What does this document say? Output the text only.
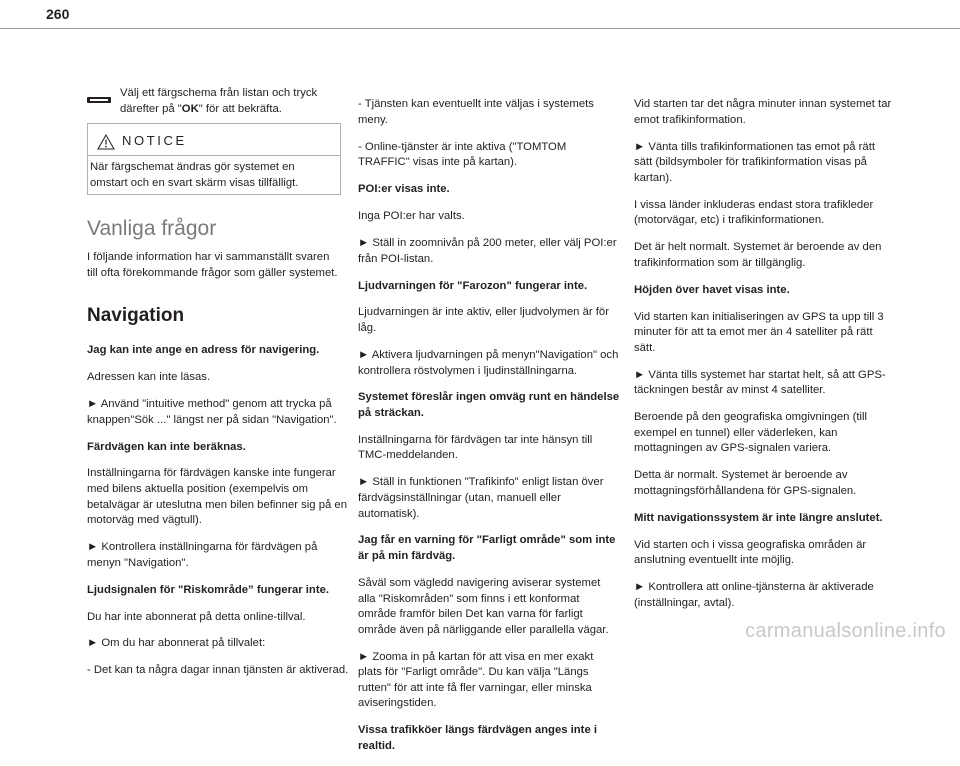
260

Välj ett färgschema från listan och tryck därefter på "OK" för att bekräfta.

NOTICE

När färgschemat ändras gör systemet en omstart och en svart skärm visas tillfälligt.

Vanliga frågor

I följande information har vi sammanställt svaren till ofta förekommande frågor som gäller systemet.

Navigation

Jag kan inte ange en adress för navigering.

Adressen kan inte läsas.

► Använd "intuitive method" genom att trycka på knappen"Sök ..." längst ner på sidan "Navigation".

Färdvägen kan inte beräknas.

Inställningarna för färdvägen kanske inte fungerar med bilens aktuella position (exempelvis om betalvägar är uteslutna men bilen befinner sig på en motorväg med vägtull).

► Kontrollera inställningarna för färdvägen på menyn "Navigation".

Ljudsignalen för "Riskområde” fungerar inte.

Du har inte abonnerat på detta online-tillval.

► Om du har abonnerat på tillvalet:

- Det kan ta några dagar innan tjänsten är aktiverad.

- Tjänsten kan eventuellt inte väljas i systemets meny.

- Online-tjänster är inte aktiva ("TOMTOM TRAFFIC" visas inte på kartan).

POI:er visas inte.

Inga POI:er har valts.

► Ställ in zoomnivån på 200 meter, eller välj POI:er från POI-listan.

Ljudvarningen för "Farozon" fungerar inte.

Ljudvarningen är inte aktiv, eller ljudvolymen är för låg.

► Aktivera ljudvarningen på menyn"Navigation" och kontrollera röstvolymen i ljudinställningarna.

Systemet föreslår ingen omväg runt en händelse på sträckan.

Inställningarna för färdvägen tar inte hänsyn till TMC-meddelanden.

► Ställ in funktionen "Trafikinfo" enligt listan över färdvägsinställningar (utan, manuell eller automatisk).

Jag får en varning för "Farligt område" som inte är på min färdväg.

Såväl som vägledd navigering aviserar systemet alla "Riskområden" som finns i ett konformat område framför bilen Det kan varna för farligt område även på närliggande eller parallella vägar.

► Zooma in på kartan för att visa en mer exakt plats för "Farligt område". Du kan välja "Längs rutten" för att inte få fler varningar, eller minska aviseringstiden.

Vissa trafikköer längs färdvägen anges inte i realtid.

Vid starten tar det några minuter innan systemet tar emot trafikinformation.

► Vänta tills trafikinformationen tas emot på rätt sätt (bildsymboler för trafikinformation visas på kartan).

I vissa länder inkluderas endast stora trafikleder (motorvägar, etc) i trafikinformationen.

Det är helt normalt. Systemet är beroende av den trafikinformation som är tillgänglig.

Höjden över havet visas inte.

Vid starten kan initialiseringen av GPS ta upp till 3 minuter för att ta emot mer än 4 satelliter på rätt sätt.

► Vänta tills systemet har startat helt, så att GPS-täckningen består av minst 4 satelliter.

Beroende på den geografiska omgivningen (till exempel en tunnel) eller väderleken, kan mottagningen av GPS-signalen variera.

Detta är normalt. Systemet är beroende av mottagningsförhållandena för GPS-signalen.

Mitt navigationssystem är inte längre anslutet.

Vid starten och i vissa geografiska områden är anslutning eventuellt inte möjlig.

► Kontrollera att online-tjänsterna är aktiverade (inställningar, avtal).

carmanualsonline.info
